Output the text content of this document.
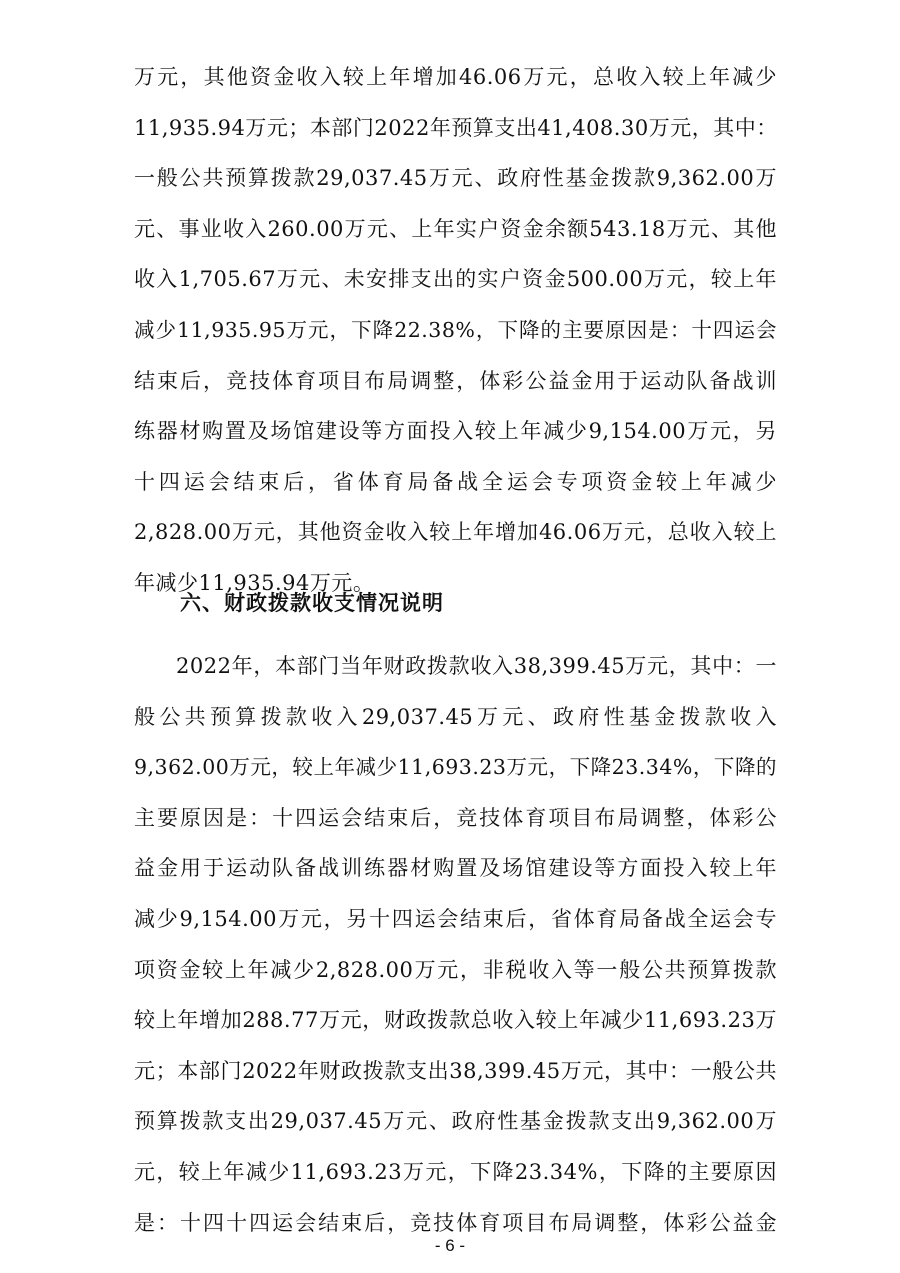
万元，其他资金收入较上年增加46.06万元，总收入较上年减少
11,935.94万元；本部门2022年预算支出41,408.30万元，其中：
一般公共预算拨款29,037.45万元、政府性基金拨款9,362.00万
元、事业收入260.00万元、上年实户资金余额543.18万元、其他
收入1,705.67万元、未安排支出的实户资金500.00万元，较上年
减少11,935.95万元，下降22.38%，下降的主要原因是：十四运会
结束后，竞技体育项目布局调整，体彩公益金用于运动队备战训
练器材购置及场馆建设等方面投入较上年减少9,154.00万元，另
十四运会结束后，省体育局备战全运会专项资金较上年减少
2,828.00万元，其他资金收入较上年增加46.06万元，总收入较上
年减少11,935.94万元。
六、财政拨款收支情况说明
2022年，本部门当年财政拨款收入38,399.45万元，其中：一
般公共预算拨款收入29,037.45万元、政府性基金拨款收入
9,362.00万元，较上年减少11,693.23万元，下降23.34%，下降的
主要原因是：十四运会结束后，竞技体育项目布局调整，体彩公
益金用于运动队备战训练器材购置及场馆建设等方面投入较上年
减少9,154.00万元，另十四运会结束后，省体育局备战全运会专
项资金较上年减少2,828.00万元，非税收入等一般公共预算拨款
较上年增加288.77万元，财政拨款总收入较上年减少11,693.23万
元；本部门2022年财政拨款支出38,399.45万元，其中：一般公共
预算拨款支出29,037.45万元、政府性基金拨款支出9,362.00万
元，较上年减少11,693.23万元，下降23.34%，下降的主要原因
是：十四十四运会结束后，竞技体育项目布局调整，体彩公益金
- 6 -
